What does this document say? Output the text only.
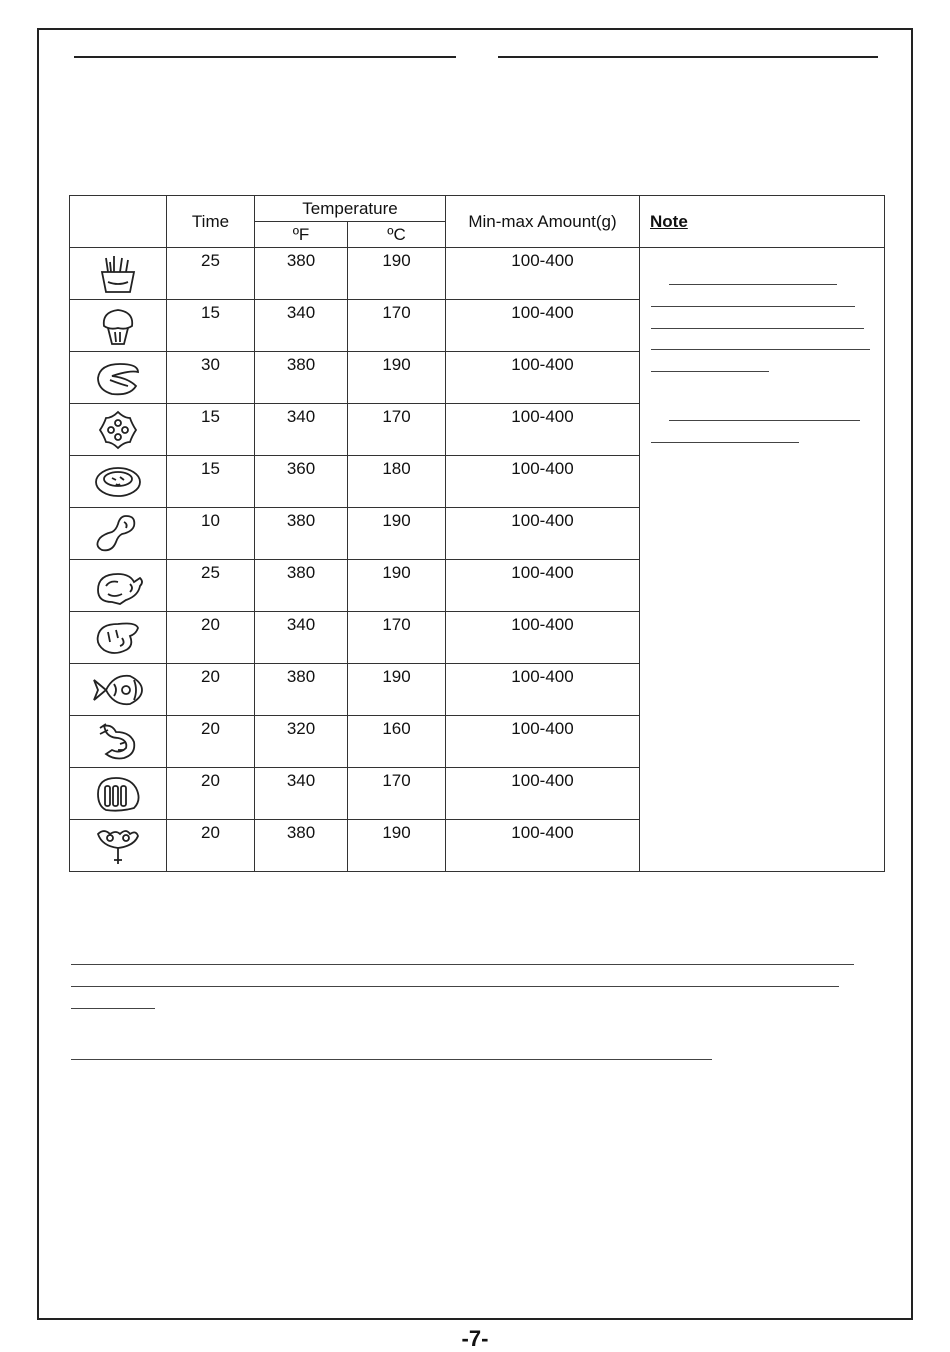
	Time	Temperature		Min-max Amount(g)	Note
		ºF	ºC		
	25	380	190	100-400	

	15	340	170	100-400	
	30	380	190	100-400	
	15	340	170	100-400	
	15	360	180	100-400	
	10	380	190	100-400	
	25	380	190	100-400	
	20	340	170	100-400	
	20	380	190	100-400	
	20	320	160	100-400	
	20	340	170	100-400	
	20	380	190	100-400	
-7-
